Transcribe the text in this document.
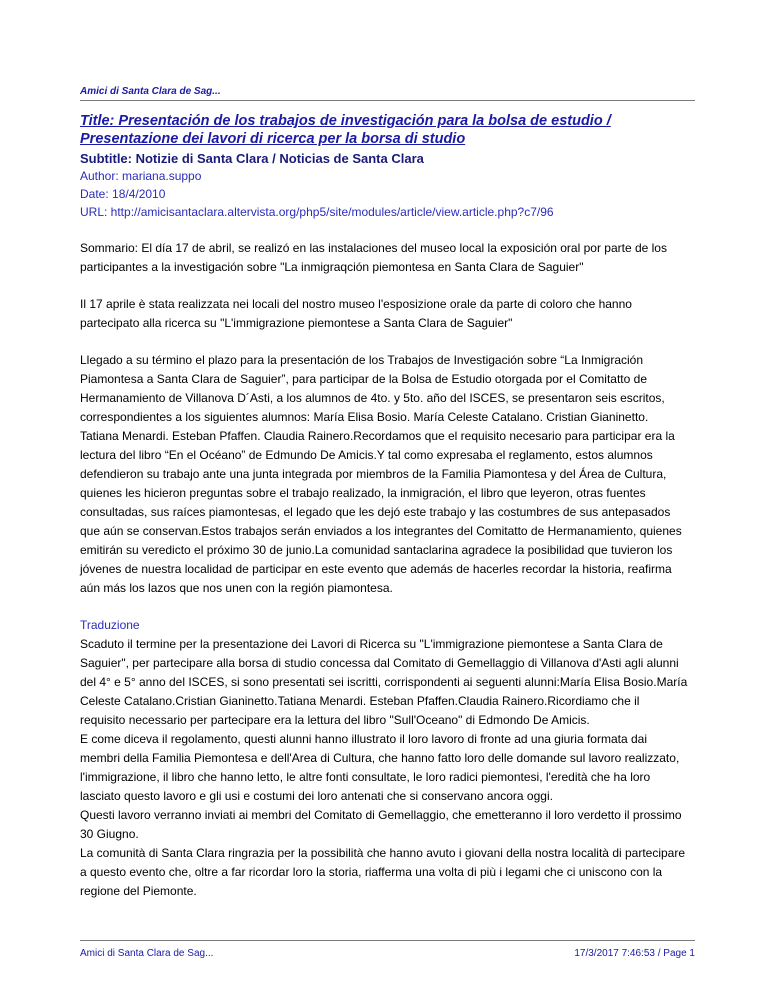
Amici di Santa Clara de Sag...
Title: Presentación de los trabajos de investigación para la bolsa de estudio /
Presentazione dei lavori di ricerca per la borsa di studio
Subtitle: Notizie di Santa Clara / Noticias de Santa Clara
Author: mariana.suppo
Date: 18/4/2010
URL: http://amicisantaclara.altervista.org/php5/site/modules/article/view.article.php?c7/96

Sommario: El día 17 de abril, se realizó en las instalaciones del museo local la exposición oral por parte de los participantes a la investigación sobre "La inmigraqción piemontesa en Santa Clara de Saguier"

Il 17 aprile è stata realizzata nei locali del nostro museo l'esposizione orale da parte di coloro che hanno partecipato alla ricerca su "L'immigrazione piemontese a Santa Clara de Saguier"

Llegado a su término el plazo para la presentación de los Trabajos de Investigación sobre “La Inmigración Piamontesa a Santa Clara de Saguier”, para participar de la Bolsa de Estudio otorgada por el Comitatto de Hermanamiento de Villanova D´Asti, a los alumnos de 4to. y 5to. año del ISCES, se presentaron seis escritos, correspondientes a los siguientes alumnos: María Elisa Bosio. María Celeste Catalano. Cristian Gianinetto. Tatiana Menardi. Esteban Pfaffen. Claudia Rainero.Recordamos que el requisito necesario para participar era la lectura del libro “En el Océano” de Edmundo De Amicis.Y tal como expresaba el reglamento, estos alumnos defendieron su trabajo ante una junta integrada por miembros de la Familia Piamontesa y del Área de Cultura, quienes les hicieron preguntas sobre el trabajo realizado, la inmigración, el libro que leyeron, otras fuentes consultadas, sus raíces piamontesas, el legado que les dejó este trabajo y las costumbres de sus antepasados que aún se conservan.Estos trabajos serán enviados a los integrantes del Comitatto de Hermanamiento, quienes emitirán su veredicto el próximo 30 de junio.La comunidad santaclarina agradece la posibilidad que tuvieron los jóvenes de nuestra localidad de participar en este evento que además de hacerles recordar la historia, reafirma aún más los lazos que nos unen con la región piamontesa.

Traduzione

Scaduto il termine per la presentazione dei Lavori di Ricerca su "L'immigrazione piemontese a Santa Clara de Saguier", per partecipare alla borsa di studio concessa dal Comitato di Gemellaggio di Villanova d'Asti agli alunni del 4° e 5° anno del ISCES, si sono presentati sei iscritti, corrispondenti ai seguenti alunni:María Elisa Bosio.María Celeste Catalano.Cristian Gianinetto.Tatiana Menardi. Esteban Pfaffen.Claudia Rainero.Ricordiamo che il requisito necessario per partecipare era la lettura del libro "Sull'Oceano" di Edmondo De Amicis.

E come diceva il regolamento, questi alunni hanno illustrato il loro lavoro di fronte ad una giuria formata dai membri della Familia Piemontesa e dell'Area di Cultura, che hanno fatto loro delle domande sul lavoro realizzato, l'immigrazione, il libro che hanno letto, le altre fonti consultate, le loro radici piemontesi, l'eredità che ha loro lasciato questo lavoro e gli usi e costumi dei loro antenati che si conservano ancora oggi.

Questi lavoro verranno inviati ai membri del Comitato di Gemellaggio, che emetteranno il loro verdetto il prossimo 30 Giugno.

La comunità di Santa Clara ringrazia per la possibilità che hanno avuto i giovani della nostra località di partecipare a questo evento che, oltre a far ricordar loro la storia, riafferma una volta di più i legami che ci uniscono con la regione del Piemonte.

Amici di Santa Clara de Sag...	17/3/2017 7:46:53 / Page 1
